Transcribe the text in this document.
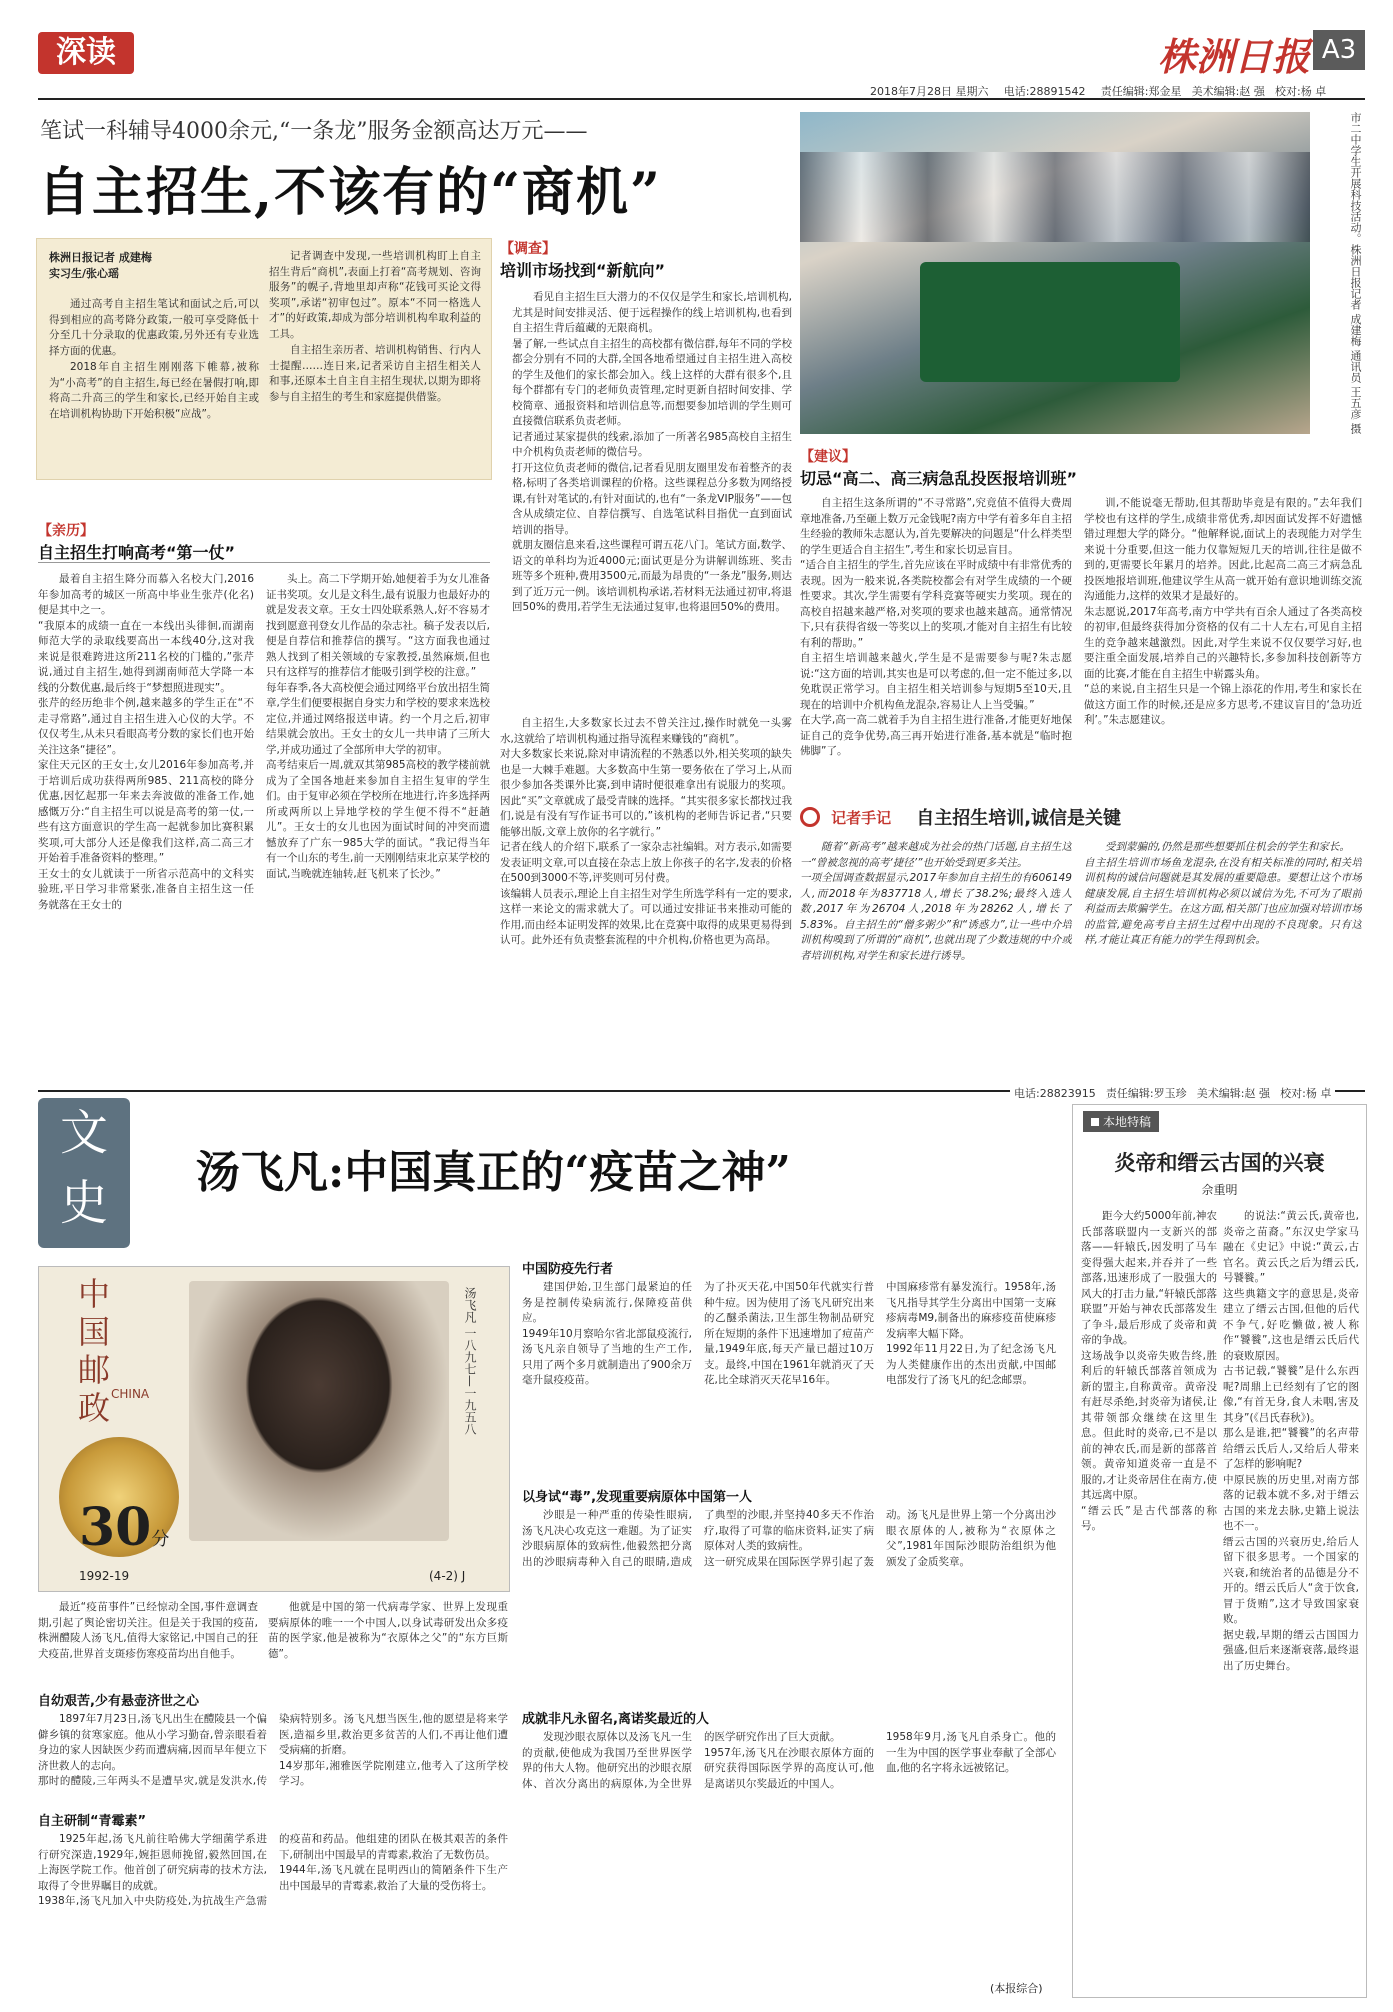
深读	株洲日报 A3
2018年7月28日 星期六 电话:28891542 责任编辑:郑金星 美术编辑:赵 强 校对:杨 卓
笔试一科辅导4000余元,“一条龙”服务金额高达万元——
自主招生,不该有的“商机”	市二中学生开展科技活动。株洲日报记者 成建梅 通讯员 王五彦 摄
株洲日报记者 成建梅
实习生/张心瑶

通过高考自主招生笔试和面试之后,可以得到相应的高考降分政策,一般可享受降低十分至几十分录取的优惠政策,另外还有专业选择方面的优惠。

2018年自主招生刚刚落下帷幕,被称为“小高考”的自主招生,每已经在暑假打响,即将高二升高三的学生和家长,已经开始自主或在培训机构协助下开始积极“应战”。

记者调查中发现,一些培训机构盯上自主招生背后“商机”,表面上打着“高考规划、咨询服务”的幌子,背地里却声称“花钱可买论文得奖项”,承诺“初审包过”。原本“不同一格选人才”的好政策,却成为部分培训机构牟取利益的工具。

自主招生亲历者、培训机构销售、行内人士提醒……连日来,记者采访自主招生相关人和事,还原本土自主自主招生现状,以期为即将参与自主招生的考生和家庭提供借鉴。

【亲历】
自主招生打响高考“第一仗”
最着自主招生降分而慕入名校大门,2016年参加高考的城区一所高中毕业生张芹(化名)便是其中之一。
“我原本的成绩一直在一本线出头徘徊,而湖南师范大学的录取线要高出一本线40分,这对我来说是很难跨进这所211名校的门槛的,”张芹说,通过自主招生,她得到湖南师范大学降一本线的分数优惠,最后终于“梦想照进现实”。
张芹的经历绝非个例,越来越多的学生正在“不走寻常路”,通过自主招生进入心仪的大学。不仅仅考生,从未只看眼高考分数的家长们也开始关注这条“捷径”。
家住天元区的王女士,女儿2016年参加高考,并于培训后成功获得两所985、211高校的降分优惠,因忆起那一年来去奔波做的准备工作,她感慨万分:“自主招生可以说是高考的第一仗,一些有这方面意识的学生高一起就参加比赛积累奖项,可大部分人还是像我们这样,高二高三才开始着手准备资料的整理。”
王女士的女儿就读于一所省示范高中的文科实验班,平日学习非常紧张,准备自主招生这一任务就落在王女士的
头上。高二下学期开始,她便着手为女儿准备证书奖项。女儿是文科生,最有说服力也最好办的就是发表文章。王女士四处联系熟人,好不容易才找到愿意刊登女儿作品的杂志社。稿子发表以后,便是自荐信和推荐信的撰写。“这方面我也通过熟人找到了相关领域的专家教授,虽然麻烦,但也只有这样写的推荐信才能吸引到学校的注意。”
每年春季,各大高校便会通过网络平台放出招生简章,学生们便要根据自身实力和学校的要求来选校定位,并通过网络报送申请。约一个月之后,初审结果就会放出。王女士的女儿一共申请了三所大学,并成功通过了全部所申大学的初审。
高考结束后一周,就双其第985高校的教学楼前就成为了全国各地赶来参加自主招生复审的学生们。由于复审必须在学校所在地进行,许多选择两所或两所以上异地学校的学生便不得不“赶趟儿”。王女士的女儿也因为面试时间的冲突而遗憾放弃了广东一985大学的面试。“我记得当年有一个山东的考生,前一天刚刚结束北京某学校的面试,当晚就连轴转,赶飞机来了长沙。”
【调查】
培训市场找到“新航向”
看见自主招生巨大潜力的不仅仅是学生和家长,培训机构,尤其是时间安排灵活、便于远程操作的线上培训机构,也看到自主招生背后蕴藏的无限商机。
暑了解,一些试点自主招生的高校都有微信群,每年不同的学校都会分别有不同的大群,全国各地希望通过自主招生进入高校的学生及他们的家长都会加入。线上这样的大群有很多个,且每个群都有专门的老师负责管理,定时更新自招时间安排、学校简章、通报资料和培训信息等,而想要参加培训的学生则可直接微信联系负责老师。
记者通过某家提供的线索,添加了一所著名985高校自主招生中介机构负责老师的微信号。
打开这位负责老师的微信,记者看见朋友圈里发布着整齐的表格,标明了各类培训课程的价格。这些课程总分多数为网络授课,有针对笔试的,有针对面试的,也有“一条龙VIP服务”——包含从成绩定位、自荐信撰写、自选笔试科目指优一直到面试培训的指导。
就朋友圈信息来看,这些课程可谓五花八门。笔试方面,数学、语文的单科均为近4000元;面试更是分为讲解训练班、奖击班等多个班种,费用3500元,而最为昂贵的“一条龙”服务,则达到了近万元一例。该培训机构承诺,若材料无法通过初审,将退回50%的费用,若学生无法通过复审,也将退回50%的费用。
自主招生,大多数家长过去不曾关注过,操作时就免一头雾水,这就给了培训机构通过指导流程来赚钱的“商机”。
对大多数家长来说,除对申请流程的不熟悉以外,相关奖项的缺失也是一大棘手难题。大多数高中生第一要务依在了学习上,从而很少参加各类课外比赛,到申请时便很难拿出有说服力的奖项。因此“买”文章就成了最受青睐的选择。“其实很多家长都找过我们,说是有没有写作证书可以的,”该机构的老师告诉记者,“只要能够出版,文章上放你的名字就行。”
记者在线人的介绍下,联系了一家杂志社编辑。对方表示,如需要发表证明文章,可以直接在杂志上放上你孩子的名字,发表的价格在500到3000不等,评奖则可另付费。
该编辑人员表示,理论上自主招生对学生所选学科有一定的要求,这样一来论文的需求就大了。可以通过安排证书来推动可能的作用,而由经本证明发挥的效果,比在竞赛中取得的成果更易得到认可。此外还有负责整套流程的中介机构,价格也更为高昂。
【建议】
切忌“高二、高三病急乱投医报培训班”
自主招生这条所谓的“不寻常路”,究竟值不值得大费周章地准备,乃至砸上数万元金钱呢?南方中学有着多年自主招生经验的教师朱志愿认为,首先要解决的问题是“什么样类型的学生更适合自主招生”,考生和家长切忌盲目。
“适合自主招生的学生,首先应该在平时成绩中有非常优秀的表现。因为一般来说,各类院校都会有对学生成绩的一个硬性要求。其次,学生需要有学科竞赛等硬实力奖项。现在的高校自招越来越严格,对奖项的要求也越来越高。通常情况下,只有获得省级一等奖以上的奖项,才能对自主招生有比较有利的帮助。”
自主招生培训越来越火,学生是不是需要参与呢?朱志愿说:“这方面的培训,其实也是可以考虑的,但一定不能过多,以免耽误正常学习。自主招生相关培训参与短期5至10天,且现在的培训中介机构鱼龙混杂,容易让人上当受骗。”
在大学,高一高二就着手为自主招生进行准备,才能更好地保证自己的竞争优势,高三再开始进行准备,基本就是“临时抱佛脚”了。
训,不能说毫无帮助,但其帮助毕竟是有限的。”去年我们学校也有这样的学生,成绩非常优秀,却因面试发挥不好遗憾错过理想大学的降分。“他解释说,面试上的表现能力对学生来说十分重要,但这一能力仅靠短短几天的培训,往往是做不到的,更需要长年累月的培养。因此,比起高二高三才病急乱投医地报培训班,他建议学生从高一就开始有意识地训练交流沟通能力,这样的效果才是最好的。
朱志愿说,2017年高考,南方中学共有百余人通过了各类高校的初审,但最终获得加分资格的仅有二十人左右,可见自主招生的竞争越来越激烈。因此,对学生来说不仅仅要学习好,也要注重全面发展,培养自己的兴趣特长,多参加科技创新等方面的比赛,才能在自主招生中崭露头角。
“总的来说,自主招生只是一个锦上添花的作用,考生和家长在做这方面工作的时候,还是应多方思考,不建议盲目的‘急功近利’。”朱志愿建议。
记者手记 自主招生培训,诚信是关键
随着“新高考”越来越成为社会的热门话题,自主招生这一“曾被忽视的高考‘捷径’”也开始受到更多关注。
一项全国调查数据显示,2017年参加自主招生的有606149人,而2018年为837718人,增长了38.2%;最终入选人数,2017年为26704人,2018年为28262人,增长了5.83%。自主招生的“僧多粥少”和“诱惑力”,让一些中介培训机构嗅到了所谓的“商机”,也就出现了少数违规的中介或者培训机构,对学生和家长进行诱导。
受到蒙骗的,仍然是那些想要抓住机会的学生和家长。
自主招生培训市场鱼龙混杂,在没有相关标准的同时,相关培训机构的诚信问题就是其发展的重要隐患。要想让这个市场健康发展,自主招生培训机构必须以诚信为先,不可为了眼前利益而去欺骗学生。在这方面,相关部门也应加强对培训市场的监管,避免高考自主招生过程中出现的不良现象。只有这样,才能让真正有能力的学生得到机会。
电话:28823915 责任编辑:罗玉珍 美术编辑:赵 强 校对:杨 卓
文
史
汤飞凡:中国真正的“疫苗之神”
中国邮政 CHINA	汤飞凡 一八九七—一九五八
30分
1992-19	(4-2) J
最近“疫苗事件”已经惊动全国,事件意调查期,引起了舆论密切关注。但是关于我国的疫苗,株洲醴陵人汤飞凡,值得大家铭记,中国自己的狂犬疫苗,世界首支斑疹伤寒疫苗均出自他手。
他就是中国的第一代病毒学家、世界上发现重要病原体的唯一一个中国人,以身试毒研发出众多疫苗的医学家,他是被称为“衣原体之父”的“东方巨斯德”。
自幼艰苦,少有悬壶济世之心
1897年7月23日,汤飞凡出生在醴陵县一个偏僻乡镇的贫寒家庭。他从小学习勤奋,曾亲眼看着身边的家人因缺医少药而遭病痛,因而早年便立下济世救人的志向。
那时的醴陵,三年两头不是遭旱灾,就是发洪水,传染病特别多。汤飞凡想当医生,他的愿望是将来学医,造福乡里,救治更多贫苦的人们,不再让他们遭受病痛的折磨。
14岁那年,湘雅医学院刚建立,他考入了这所学校学习。
自主研制“青霉素”
1925年起,汤飞凡前往哈佛大学细菌学系进行研究深造,1929年,婉拒恩师挽留,毅然回国,在上海医学院工作。他首创了研究病毒的技术方法,取得了令世界瞩目的成就。
1938年,汤飞凡加入中央防疫处,为抗战生产急需的疫苗和药品。他组建的团队在极其艰苦的条件下,研制出中国最早的青霉素,救治了无数伤员。
1944年,汤飞凡就在昆明西山的简陋条件下生产出中国最早的青霉素,救治了大量的受伤将士。
中国防疫先行者
建国伊始,卫生部门最紧迫的任务是控制传染病流行,保障疫苗供应。
1949年10月察哈尔省北部鼠疫流行,汤飞凡亲自领导了当地的生产工作,只用了两个多月就制造出了900余万毫升鼠疫疫苗。
为了扑灭天花,中国50年代就实行普种牛痘。因为使用了汤飞凡研究出来的乙醚杀菌法,卫生部生物制品研究所在短期的条件下迅速增加了痘苗产量,1949年底,每天产量已超过10万支。最终,中国在1961年就消灭了天花,比全球消灭天花早16年。
中国麻疹常有暴发流行。1958年,汤飞凡指导其学生分离出中国第一支麻疹病毒M9,制备出的麻疹疫苗使麻疹发病率大幅下降。
1992年11月22日,为了纪念汤飞凡为人类健康作出的杰出贡献,中国邮电部发行了汤飞凡的纪念邮票。
以身试“毒”,发现重要病原体中国第一人
沙眼是一种严重的传染性眼病,汤飞凡决心攻克这一难题。为了证实沙眼病原体的致病性,他毅然把分离出的沙眼病毒种入自己的眼睛,造成了典型的沙眼,并坚持40多天不作治疗,取得了可靠的临床资料,证实了病原体对人类的致病性。
这一研究成果在国际医学界引起了轰动。汤飞凡是世界上第一个分离出沙眼衣原体的人,被称为“衣原体之父”,1981年国际沙眼防治组织为他颁发了金质奖章。
成就非凡永留名,离诺奖最近的人
发现沙眼衣原体以及汤飞凡一生的贡献,使他成为我国乃至世界医学界的伟大人物。他研究出的沙眼衣原体、首次分离出的病原体,为全世界的医学研究作出了巨大贡献。
1957年,汤飞凡在沙眼衣原体方面的研究获得国际医学界的高度认可,他是离诺贝尔奖最近的中国人。
1958年9月,汤飞凡自杀身亡。他的一生为中国的医学事业奉献了全部心血,他的名字将永远被铭记。
(本报综合)
本地特稿
炎帝和缙云古国的兴衰
佘重明
距今大约5000年前,神农氏部落联盟内一支新兴的部落——轩辕氏,因发明了马车变得强大起来,并吞并了一些部落,迅速形成了一股强大的风大的打击力量,“轩辕氏部落联盟”开始与神农氏部落发生了争斗,最后形成了炎帝和黄帝的争战。
这场战争以炎帝失败告终,胜利后的轩辕氏部落首领成为新的盟主,自称黄帝。黄帝没有赶尽杀绝,封炎帝为诸侯,让其带领部众继续在这里生息。但此时的炎帝,已不是以前的神农氏,而是新的部落首领。黄帝知道炎帝一直是不服的,才让炎帝居住在南方,使其远离中原。
“缙云氏”是古代部落的称号。
的说法:“黄云氏,黄帝也,炎帝之苗裔。”东汉史学家马融在《史记》中说:“黄云,古官名。黄云氏之后为缙云氏,号饕餮。”
这些典籍文字的意思是,炎帝建立了缙云古国,但他的后代不争气,好吃懒做,被人称作“饕餮”,这也是缙云氏后代的衰败原因。
古书记载,“饕餮”是什么东西呢?周鼎上已经刻有了它的图像,“有首无身,食人未咽,害及其身”(《吕氏春秋》)。
那么是谁,把“饕餮”的名声带给缙云氏后人,又给后人带来了怎样的影响呢?
中原民族的历史里,对南方部落的记载本就不多,对于缙云古国的来龙去脉,史籍上说法也不一。
缙云古国的兴衰历史,给后人留下很多思考。一个国家的兴衰,和统治者的品德是分不开的。缙云氏后人“贪于饮食,冒于货贿”,这才导致国家衰败。
据史载,早期的缙云古国国力强盛,但后来逐渐衰落,最终退出了历史舞台。
